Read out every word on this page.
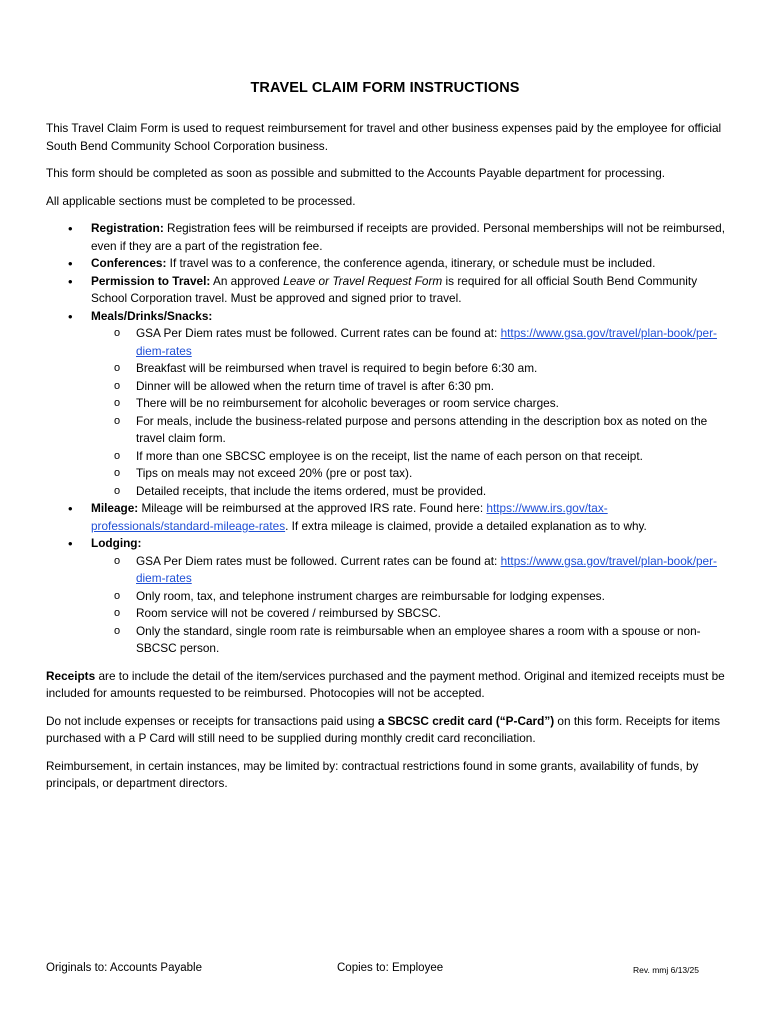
TRAVEL CLAIM FORM INSTRUCTIONS

This Travel Claim Form is used to request reimbursement for travel and other business expenses paid by the employee for official South Bend Community School Corporation business.

This form should be completed as soon as possible and submitted to the Accounts Payable department for processing.

All applicable sections must be completed to be processed.

• Registration: Registration fees will be reimbursed if receipts are provided. Personal memberships will not be reimbursed, even if they are a part of the registration fee.
• Conferences: If travel was to a conference, the conference agenda, itinerary, or schedule must be included.
• Permission to Travel: An approved Leave or Travel Request Form is required for all official South Bend Community School Corporation travel. Must be approved and signed prior to travel.
• Meals/Drinks/Snacks:
o GSA Per Diem rates must be followed. Current rates can be found at: https://www.gsa.gov/travel/plan-book/per-diem-rates
o Breakfast will be reimbursed when travel is required to begin before 6:30 am.
o Dinner will be allowed when the return time of travel is after 6:30 pm.
o There will be no reimbursement for alcoholic beverages or room service charges.
o For meals, include the business-related purpose and persons attending in the description box as noted on the travel claim form.
o If more than one SBCSC employee is on the receipt, list the name of each person on that receipt.
o Tips on meals may not exceed 20% (pre or post tax).
o Detailed receipts, that include the items ordered, must be provided.
• Mileage: Mileage will be reimbursed at the approved IRS rate. Found here: https://www.irs.gov/tax-professionals/standard-mileage-rates. If extra mileage is claimed, provide a detailed explanation as to why.
• Lodging:
o GSA Per Diem rates must be followed. Current rates can be found at: https://www.gsa.gov/travel/plan-book/per-diem-rates
o Only room, tax, and telephone instrument charges are reimbursable for lodging expenses.
o Room service will not be covered / reimbursed by SBCSC.
o Only the standard, single room rate is reimbursable when an employee shares a room with a spouse or non-SBCSC person.

Receipts are to include the detail of the item/services purchased and the payment method. Original and itemized receipts must be included for amounts requested to be reimbursed. Photocopies will not be accepted.

Do not include expenses or receipts for transactions paid using a SBCSC credit card (“P-Card”) on this form. Receipts for items purchased with a P Card will still need to be supplied during monthly credit card reconciliation.

Reimbursement, in certain instances, may be limited by: contractual restrictions found in some grants, availability of funds, by principals, or department directors.

Originals to: Accounts Payable	Copies to: Employee	Rev. mmj 6/13/25
